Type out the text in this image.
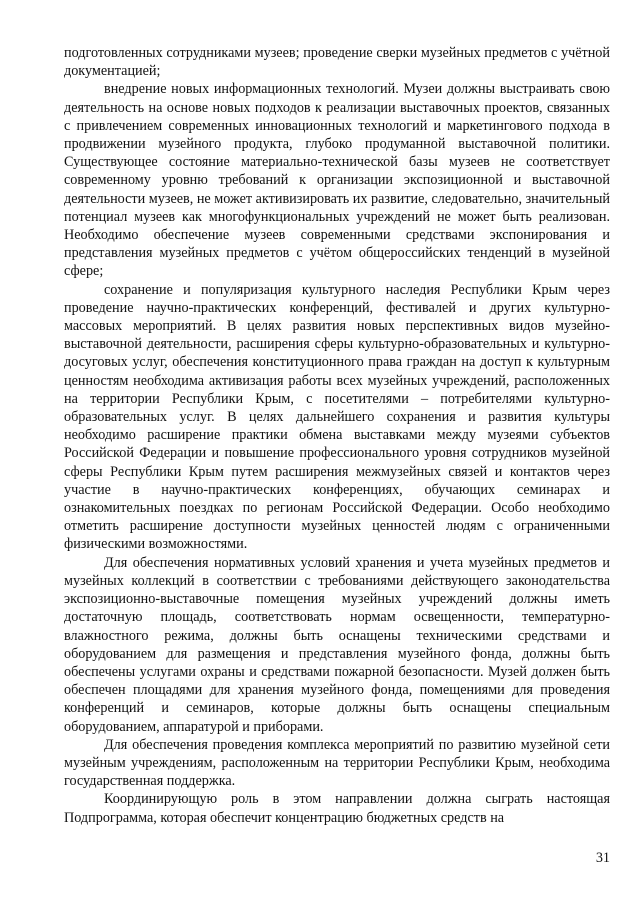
подготовленных сотрудниками музеев; проведение сверки музейных предметов с учётной документацией;

внедрение новых информационных технологий. Музеи должны выстраивать свою деятельность на основе новых подходов к реализации выставочных проектов, связанных с привлечением современных инновационных технологий и маркетингового подхода в продвижении музейного продукта, глубоко продуманной выставочной политики. Существующее состояние материально-технической базы музеев не соответствует современному уровню требований к организации экспозиционной и выставочной деятельности музеев, не может активизировать их развитие, следовательно, значительный потенциал музеев как многофункциональных учреждений не может быть реализован. Необходимо обеспечение музеев современными средствами экспонирования и представления музейных предметов с учётом общероссийских тенденций в музейной сфере;

сохранение и популяризация культурного наследия Республики Крым через проведение научно-практических конференций, фестивалей и других культурно-массовых мероприятий. В целях развития новых перспективных видов музейно-выставочной деятельности, расширения сферы культурно-образовательных и культурно-досуговых услуг, обеспечения конституционного права граждан на доступ к культурным ценностям необходима активизация работы всех музейных учреждений, расположенных на территории Республики Крым, с посетителями – потребителями культурно-образовательных услуг. В целях дальнейшего сохранения и развития культуры необходимо расширение практики обмена выставками между музеями субъектов Российской Федерации и повышение профессионального уровня сотрудников музейной сферы Республики Крым путем расширения межмузейных связей и контактов через участие в научно-практических конференциях, обучающих семинарах и ознакомительных поездках по регионам Российской Федерации. Особо необходимо отметить расширение доступности музейных ценностей людям с ограниченными физическими возможностями.

Для обеспечения нормативных условий хранения и учета музейных предметов и музейных коллекций в соответствии с требованиями действующего законодательства экспозиционно-выставочные помещения музейных учреждений должны иметь достаточную площадь, соответствовать нормам освещенности, температурно-влажностного режима, должны быть оснащены техническими средствами и оборудованием для размещения и представления музейного фонда, должны быть обеспечены услугами охраны и средствами пожарной безопасности. Музей должен быть обеспечен площадями для хранения музейного фонда, помещениями для проведения конференций и семинаров, которые должны быть оснащены специальным оборудованием, аппаратурой и приборами.

Для обеспечения проведения комплекса мероприятий по развитию музейной сети музейным учреждениям, расположенным на территории Республики Крым, необходима государственная поддержка.

Координирующую роль в этом направлении должна сыграть настоящая Подпрограмма, которая обеспечит концентрацию бюджетных средств на

31
